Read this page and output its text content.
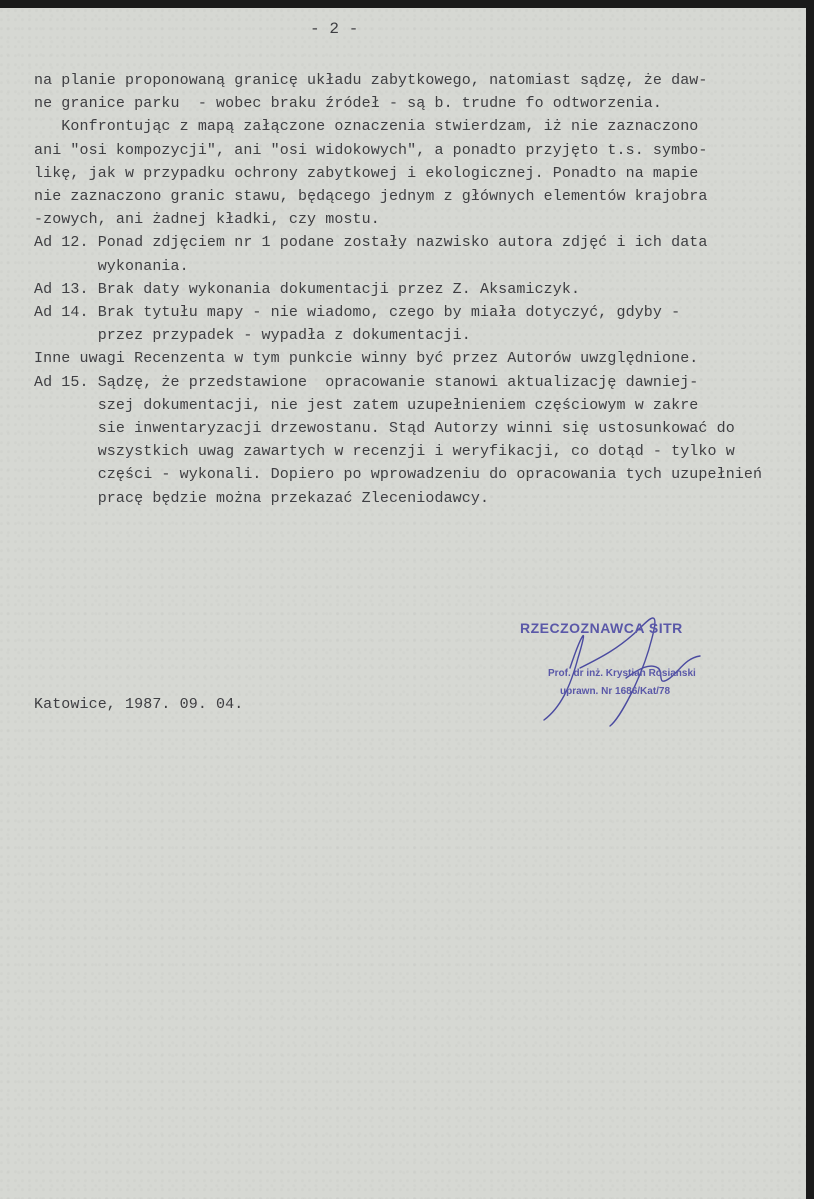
- 2 -
na planie proponowaną granicę układu zabytkowego, natomiast sądzę, że daw-
ne granice parku  - wobec braku źródeł - są b. trudne fo odtworzenia.
Konfrontując z mapą załączone oznaczenia stwierdzam, iż nie zaznaczono
ani "osi kompozycji", ani "osi widokowych", a ponadto przyjęto t.s. symbo-
likę, jak w przypadku ochrony zabytkowej i ekologicznej. Ponadto na mapie
nie zaznaczono granic stawu, będącego jednym z głównych elementów krajobra
-zowych, ani żadnej kładki, czy mostu.
Ad 12. Ponad zdjęciem nr 1 podane zostały nazwisko autora zdjęć i ich data
wykonania.
Ad 13. Brak daty wykonania dokumentacji przez Z. Aksamiczyk.
Ad 14. Brak tytułu mapy - nie wiadomo, czego by miała dotyczyć, gdyby -
przez przypadek - wypadła z dokumentacji.
Inne uwagi Recenzenta w tym punkcie winny być przez Autorów uwzględnione.
Ad 15. Sądzę, że przedstawione  opracowanie stanowi aktualizację dawniej-
szej dokumentacji, nie jest zatem uzupełnieniem częściowym w zakre
sie inwentaryzacji drzewostanu. Stąd Autorzy winni się ustosunkować do
wszystkich uwag zawartych w recenzji i weryfikacji, co dotąd - tylko w
części - wykonali. Dopiero po wprowadzeniu do opracowania tych uzupełnień
pracę będzie można przekazać Zleceniodawcy.
Katowice, 1987. 09. 04.
RZECZOZNAWCA SITR
Prof. dr inż. Krystian Rosiański
uprawn. Nr 1686/Kat/78
